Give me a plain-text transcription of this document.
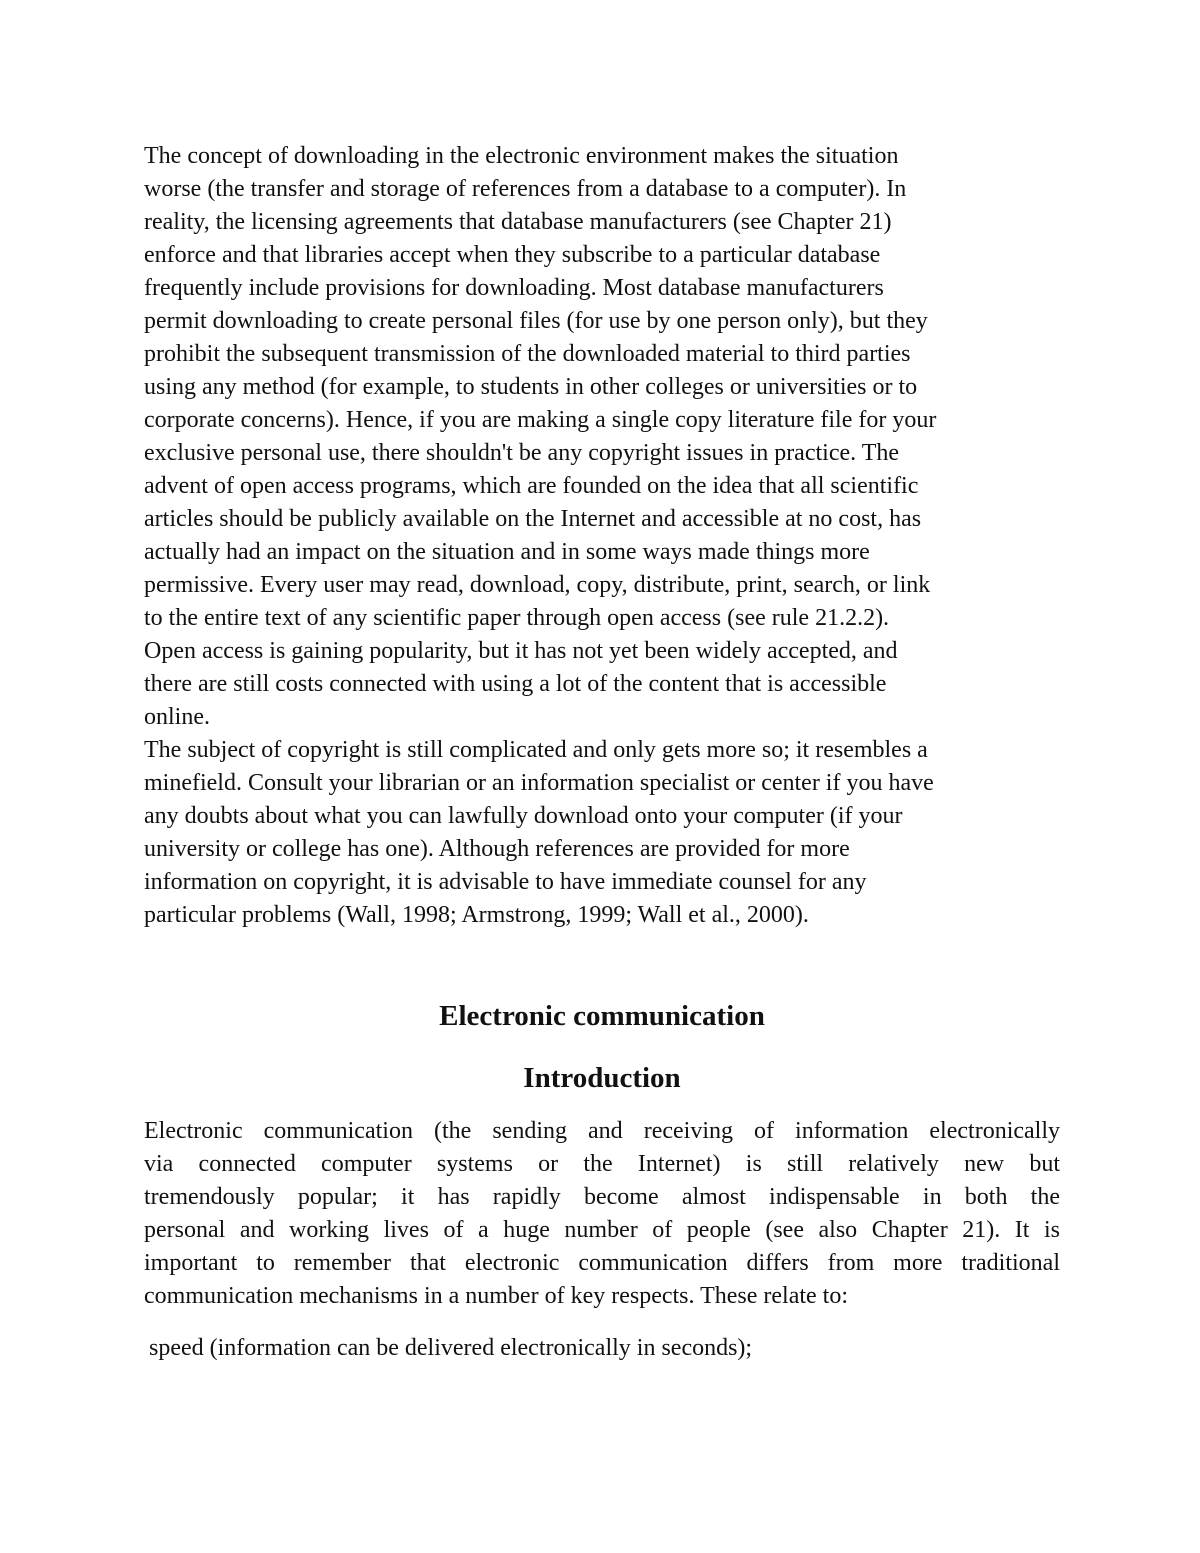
The concept of downloading in the electronic environment makes the situation
worse (the transfer and storage of references from a database to a computer). In
reality, the licensing agreements that database manufacturers (see Chapter 21)
enforce and that libraries accept when they subscribe to a particular database
frequently include provisions for downloading. Most database manufacturers
permit downloading to create personal files (for use by one person only), but they
prohibit the subsequent transmission of the downloaded material to third parties
using any method (for example, to students in other colleges or universities or to
corporate concerns). Hence, if you are making a single copy literature file for your
exclusive personal use, there shouldn't be any copyright issues in practice. The
advent of open access programs, which are founded on the idea that all scientific
articles should be publicly available on the Internet and accessible at no cost, has
actually had an impact on the situation and in some ways made things more
permissive. Every user may read, download, copy, distribute, print, search, or link
to the entire text of any scientific paper through open access (see rule 21.2.2).
Open access is gaining popularity, but it has not yet been widely accepted, and
there are still costs connected with using a lot of the content that is accessible
online.

The subject of copyright is still complicated and only gets more so; it resembles a
minefield. Consult your librarian or an information specialist or center if you have
any doubts about what you can lawfully download onto your computer (if your
university or college has one). Although references are provided for more
information on copyright, it is advisable to have immediate counsel for any
particular problems (Wall, 1998; Armstrong, 1999; Wall et al., 2000).

Electronic communication
Introduction

Electronic communication (the sending and receiving of information electronically
via connected computer systems or the Internet) is still relatively new but
tremendously popular; it has rapidly become almost indispensable in both the
personal and working lives of a huge number of people (see also Chapter 21). It is
important to remember that electronic communication differs from more traditional
communication mechanisms in a number of key respects. These relate to:

speed (information can be delivered electronically in seconds);
